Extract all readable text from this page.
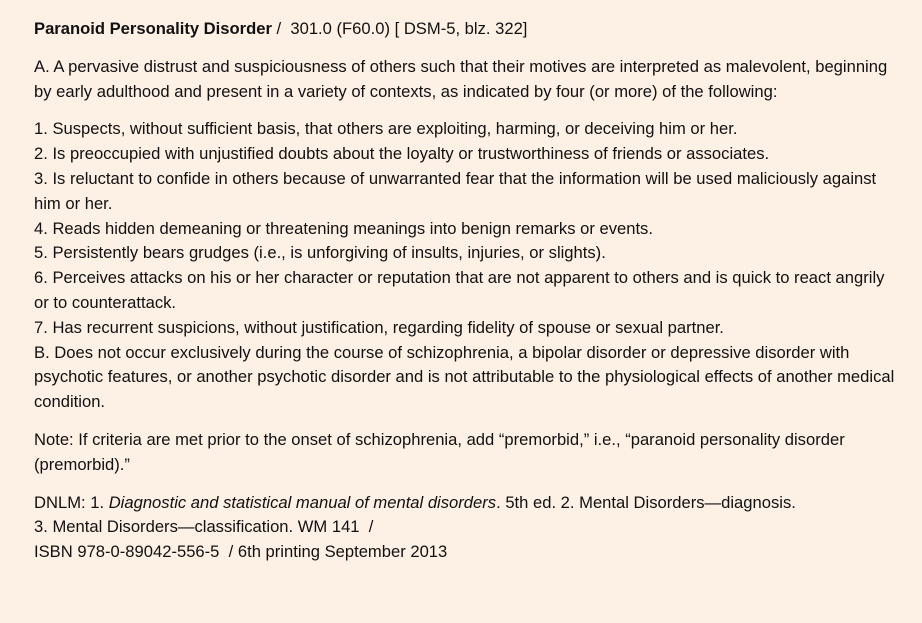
Paranoid Personality Disorder /  301.0 (F60.0) [ DSM-5, blz. 322]

A. A pervasive distrust and suspiciousness of others such that their motives are interpreted as malevolent, beginning by early adulthood and present in a variety of contexts, as indicated by four (or more) of the following:

1. Suspects, without sufficient basis, that others are exploiting, harming, or deceiving him or her.

2. Is preoccupied with unjustified doubts about the loyalty or trustworthiness of friends or associates.

3. Is reluctant to confide in others because of unwarranted fear that the information will be used maliciously against him or her.

4. Reads hidden demeaning or threatening meanings into benign remarks or events.

5. Persistently bears grudges (i.e., is unforgiving of insults, injuries, or slights).

6. Perceives attacks on his or her character or reputation that are not apparent to others and is quick to react angrily or to counterattack.

7. Has recurrent suspicions, without justification, regarding fidelity of spouse or sexual partner.

B. Does not occur exclusively during the course of schizophrenia, a bipolar disorder or depressive disorder with psychotic features, or another psychotic disorder and is not attributable to the physiological effects of another medical condition.

Note: If criteria are met prior to the onset of schizophrenia, add “premorbid,” i.e., “paranoid personality disorder (premorbid).”

DNLM: 1. Diagnostic and statistical manual of mental disorders. 5th ed. 2. Mental Disorders—diagnosis.

3. Mental Disorders—classification. WM 141  /

ISBN 978-0-89042-556-5  / 6th printing September 2013
